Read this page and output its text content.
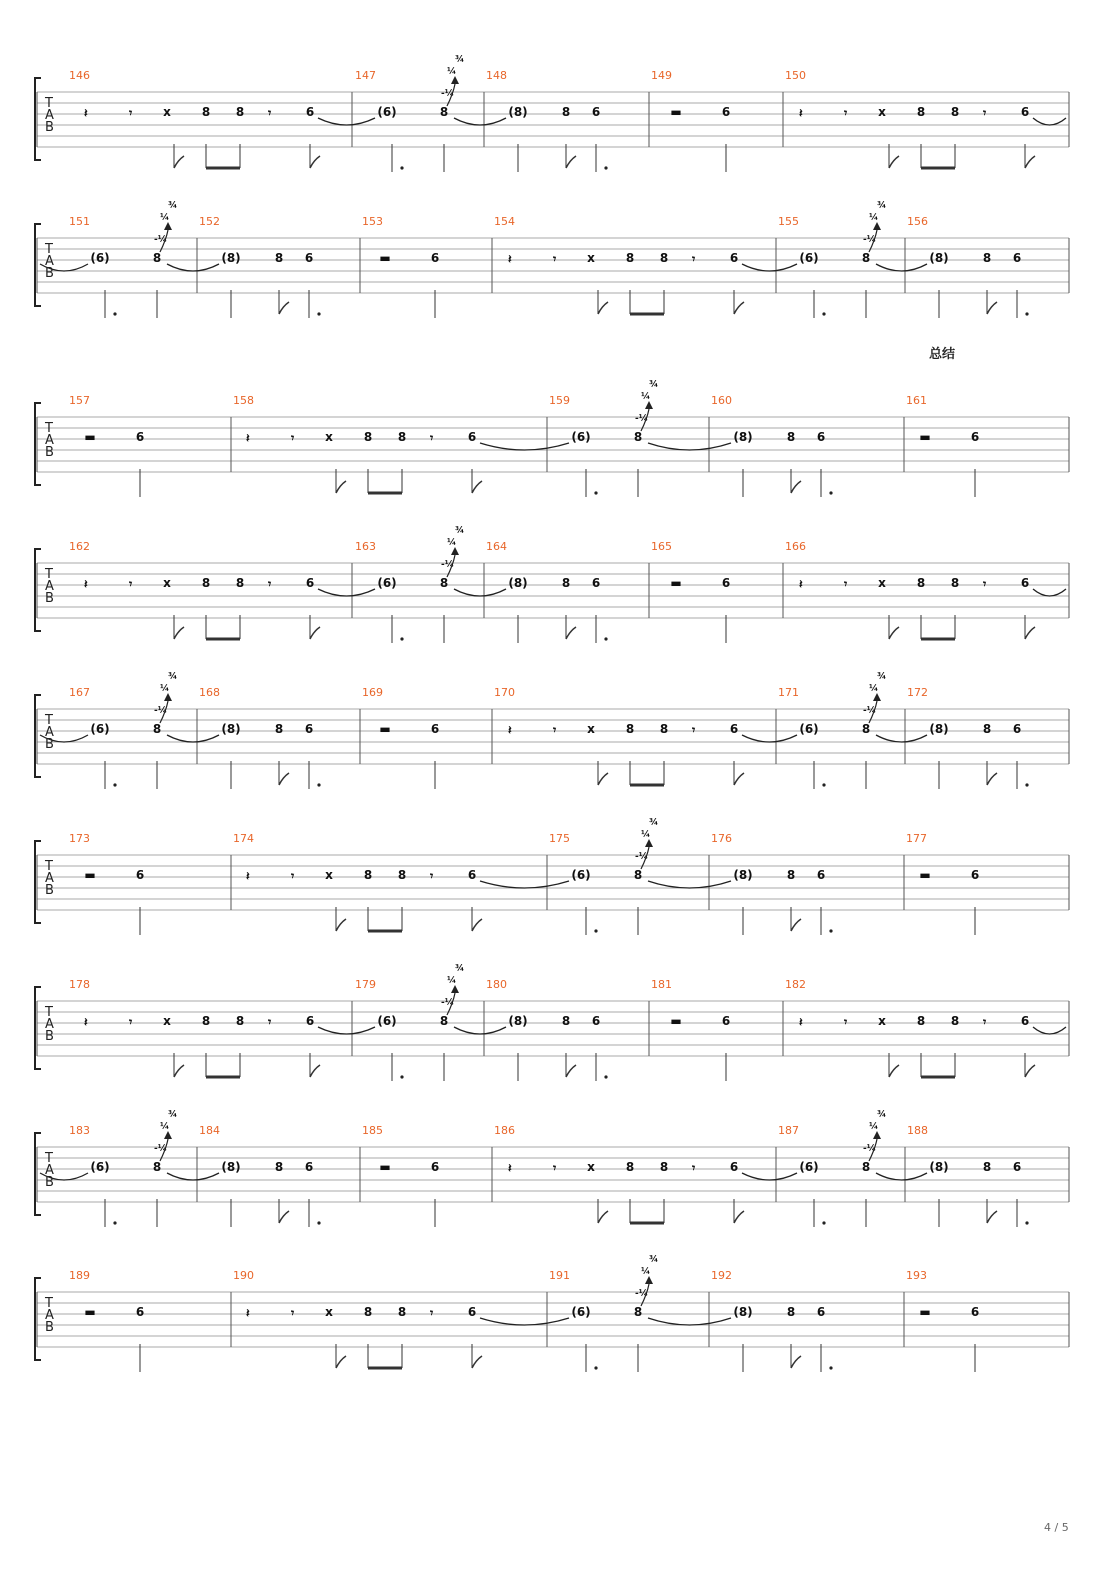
T
A
B
146	147	148	149	150
𝄽	𝄾	x	8 8 𝄾	6	(6)	8
-¼
¼
¾
(8)	8 6	▬	6	𝄽	𝄾	x	8 8 𝄾	6
T
A
B
151	152	153	154	155	156
(6)	8
-¼
¼
¾
(8)	8 6	▬	6	𝄽	𝄾	x	8 8 𝄾	6	(6)	8
-¼
¼
¾
(8)	8 6
T
A
B
157	158	159	160	161
▬	6	𝄽	𝄾	x	8 8 𝄾	6	(6)	8
-¼
¼
¾
(8)	8 6	▬	6
T
A
B
162	163	164	165	166
𝄽	𝄾	x	8 8 𝄾	6	(6)	8
-¼
¼
¾
(8)	8 6	▬	6	𝄽	𝄾	x	8 8 𝄾	6
T
A
B
167	168	169	170	171	172
(6)	8
-¼
¼
¾
(8)	8 6	▬	6	𝄽	𝄾	x	8 8 𝄾	6	(6)	8
-¼
¼
¾
(8)	8 6
T
A
B
173	174	175	176	177
▬	6	𝄽	𝄾	x	8 8 𝄾	6	(6)	8
-¼
¼
¾
(8)	8 6	▬	6
T
A
B
178	179	180	181	182
𝄽	𝄾	x	8 8 𝄾	6	(6)	8
-¼
¼
¾
(8)	8 6	▬	6	𝄽	𝄾	x	8 8 𝄾	6
T
A
B
183	184	185	186	187	188
(6)	8
-¼
¼
¾
(8)	8 6	▬	6	𝄽	𝄾	x	8 8 𝄾	6	(6)	8
-¼
¼
¾
(8)	8 6
T
A
B
189	190	191	192	193
▬	6	𝄽	𝄾	x	8 8 𝄾	6	(6)	8
-¼
¼
¾
(8)	8 6	▬	6
总结
4 / 5
